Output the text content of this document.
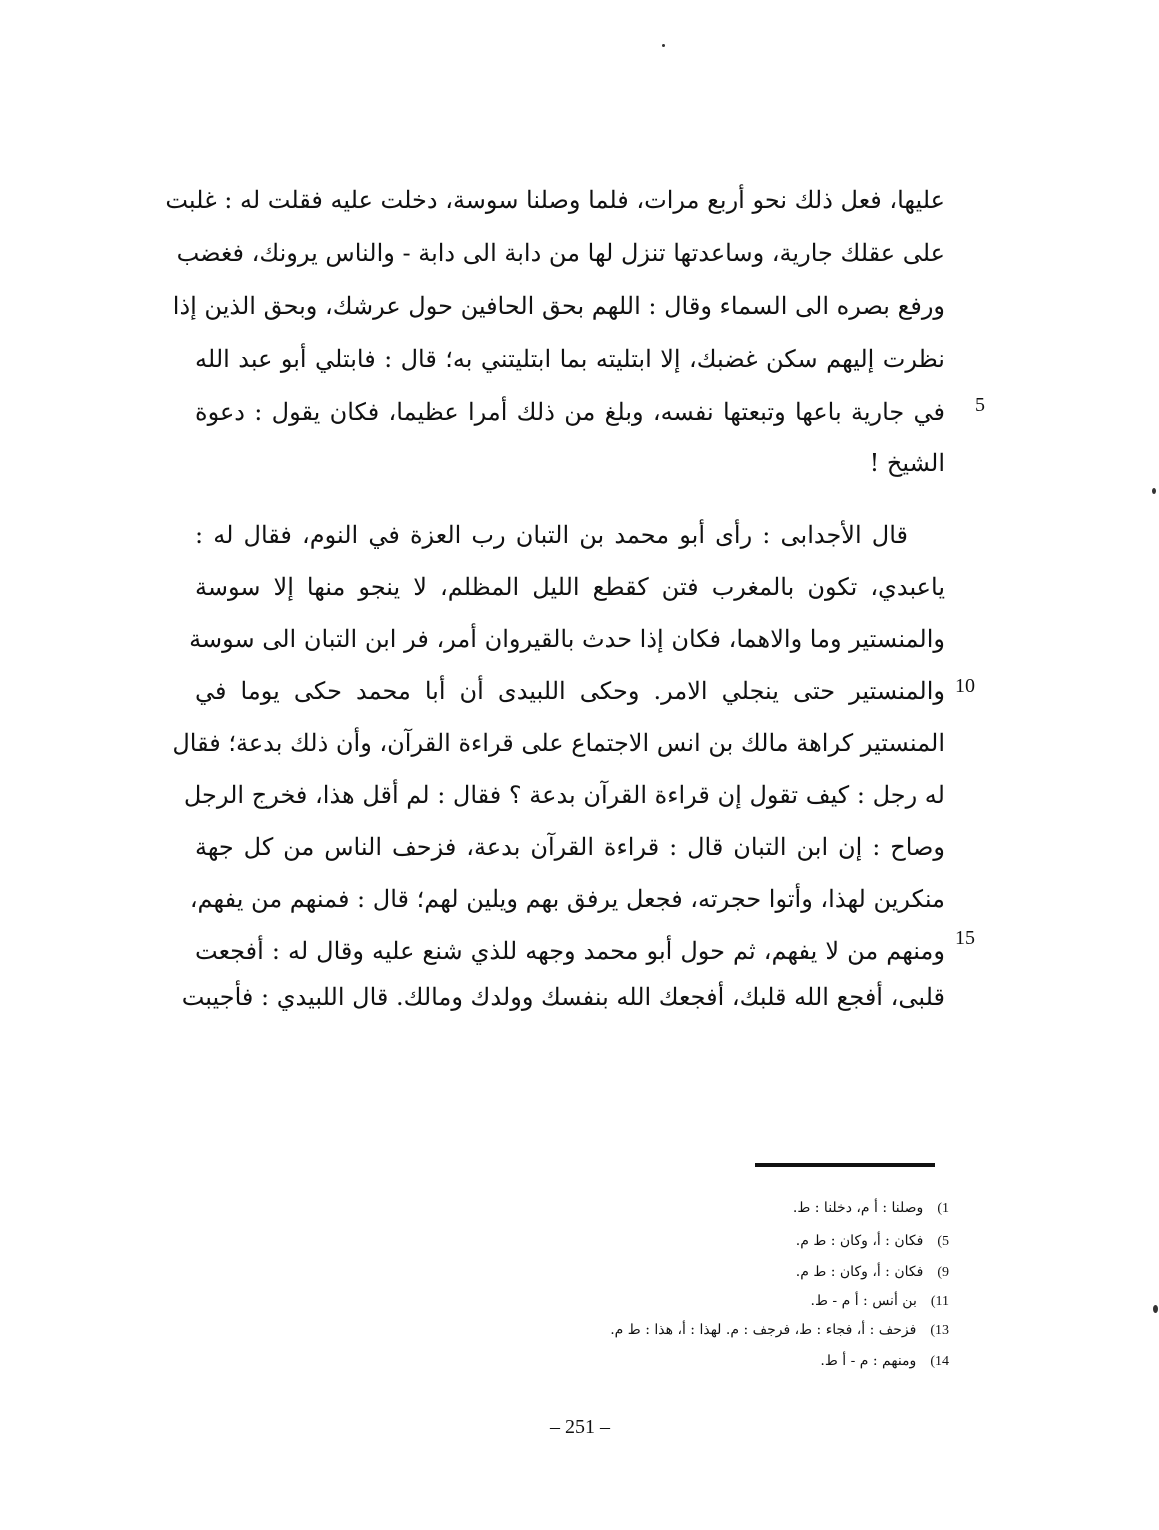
عليها، فعل ذلك نحو أربع مرات، فلما وصلنا سوسة، دخلت عليه فقلت له : غلبت
على عقلك جارية، وساعدتها تنزل لها من دابة الى دابة - والناس يرونك، فغضب
ورفع بصره الى السماء وقال : اللهم بحق الحافين حول عرشك، وبحق الذين إذا
نظرت إليهم سكن غضبك، إلا ابتليته بما ابتليتني به؛ قال : فابتلي أبو عبد الله
في جارية باعها وتبعتها نفسه، وبلغ من ذلك أمرا عظيما، فكان يقول : دعوة
الشيخ !
قال الأجدابى : رأى أبو محمد بن التبان رب العزة في النوم، فقال له :
ياعبدي، تكون بالمغرب فتن كقطع الليل المظلم، لا ينجو منها إلا سوسة
والمنستير وما والاهما، فكان إذا حدث بالقيروان أمر، فر ابن التبان الى سوسة
والمنستير حتى ينجلي الامر. وحكى اللبيدى أن أبا محمد حكى يوما في
المنستير كراهة مالك بن انس الاجتماع على قراءة القرآن، وأن ذلك بدعة؛ فقال
له رجل : كيف تقول إن قراءة القرآن بدعة ؟ فقال : لم أقل هذا، فخرج الرجل
وصاح : إن ابن التبان قال : قراءة القرآن بدعة، فزحف الناس من كل جهة
منكرين لهذا، وأتوا حجرته، فجعل يرفق بهم ويلين لهم؛ قال : فمنهم من يفهم،
ومنهم من لا يفهم، ثم حول أبو محمد وجهه للذي شنع عليه وقال له : أفجعت
قلبى، أفجع الله قلبك، أفجعك الله بنفسك وولدك ومالك. قال اللبيدي : فأجيبت
5
10
15
1)وصلنا : أ م، دخلنا : ط.
5)فكان : أ، وكان : ط م.
9)فكان : أ، وكان : ط م.
11)بن أنس : أ م - ط.
13)فزحف : أ، فجاء : ط، فرجف : م. لهذا : أ، هذا : ط م.
14)ومنهم : م - أ ط.
– 251 –
